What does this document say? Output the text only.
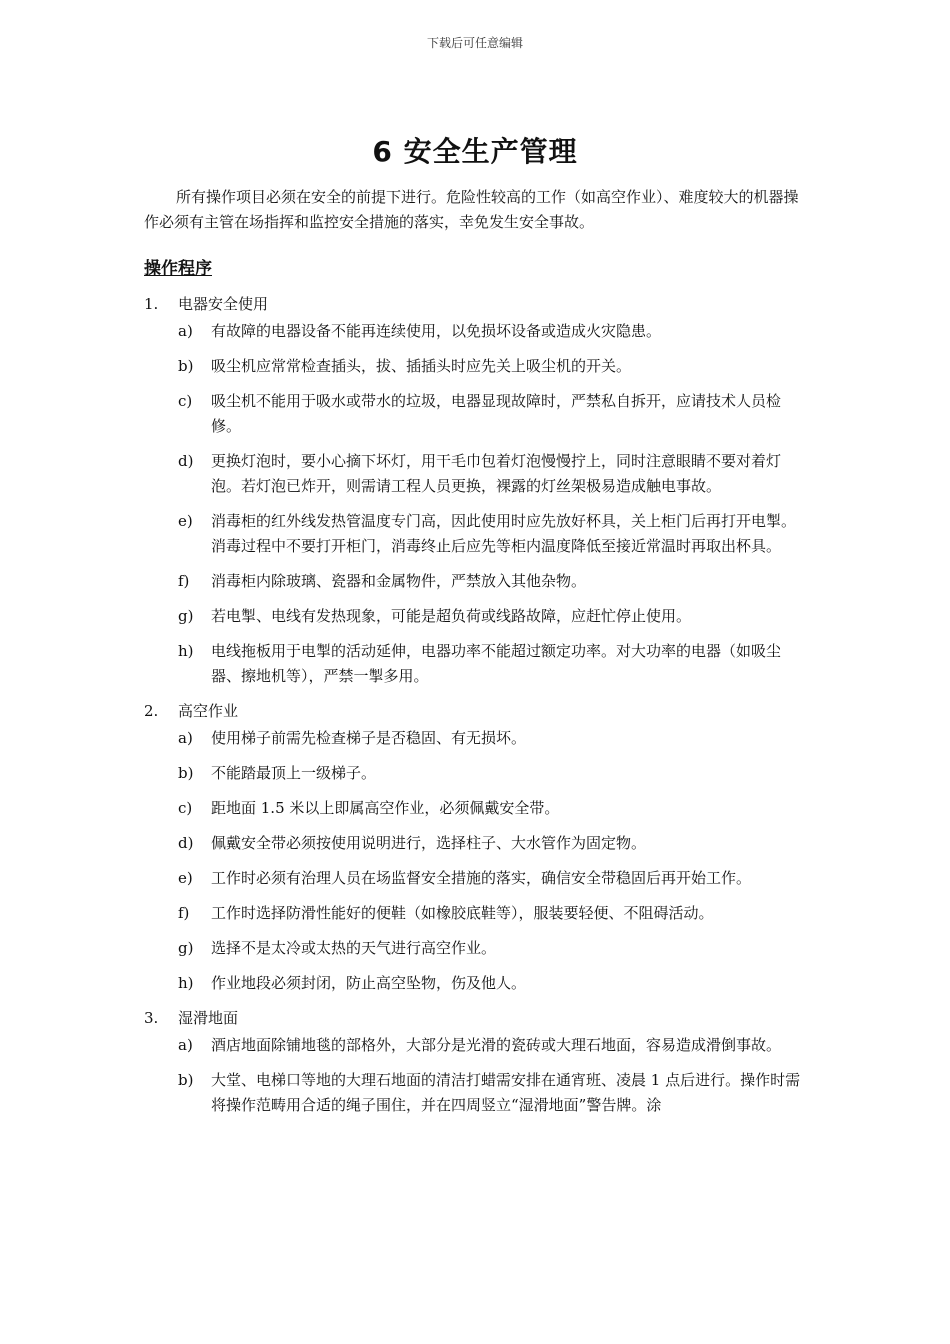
下载后可任意编辑
6 安全生产管理

所有操作项目必须在安全的前提下进行。危险性较高的工作（如高空作业）、难度较大的机器操作必须有主管在场指挥和监控安全措施的落实，幸免发生安全事故。

操作程序
1.	电器安全使用
a)	有故障的电器设备不能再连续使用，以免损坏设备或造成火灾隐患。
b)	吸尘机应常常检查插头，拔、插插头时应先关上吸尘机的开关。
c)	吸尘机不能用于吸水或带水的垃圾，电器显现故障时，严禁私自拆开，应请技术人员检修。
d)	更换灯泡时，要小心摘下坏灯，用干毛巾包着灯泡慢慢拧上，同时注意眼睛不要对着灯泡。若灯泡已炸开，则需请工程人员更换，裸露的灯丝架极易造成触电事故。
e)	消毒柜的红外线发热管温度专门高，因此使用时应先放好杯具，关上柜门后再打开电掣。消毒过程中不要打开柜门，消毒终止后应先等柜内温度降低至接近常温时再取出杯具。
f)	消毒柜内除玻璃、瓷器和金属物件，严禁放入其他杂物。
g)	若电掣、电线有发热现象，可能是超负荷或线路故障，应赶忙停止使用。
h)	电线拖板用于电掣的活动延伸，电器功率不能超过额定功率。对大功率的电器（如吸尘器、擦地机等），严禁一掣多用。
2.	高空作业
a)	使用梯子前需先检查梯子是否稳固、有无损坏。
b)	不能踏最顶上一级梯子。
c)	距地面 1.5 米以上即属高空作业，必须佩戴安全带。
d)	佩戴安全带必须按使用说明进行，选择柱子、大水管作为固定物。
e)	工作时必须有治理人员在场监督安全措施的落实，确信安全带稳固后再开始工作。
f)	工作时选择防滑性能好的便鞋（如橡胶底鞋等），服装要轻便、不阻碍活动。
g)	选择不是太冷或太热的天气进行高空作业。
h)	作业地段必须封闭，防止高空坠物，伤及他人。
3.	湿滑地面
a)	酒店地面除铺地毯的部格外，大部分是光滑的瓷砖或大理石地面，容易造成滑倒事故。
b)	大堂、电梯口等地的大理石地面的清洁打蜡需安排在通宵班、凌晨 1 点后进行。操作时需将操作范畴用合适的绳子围住，并在四周竖立“湿滑地面”警告牌。涂
